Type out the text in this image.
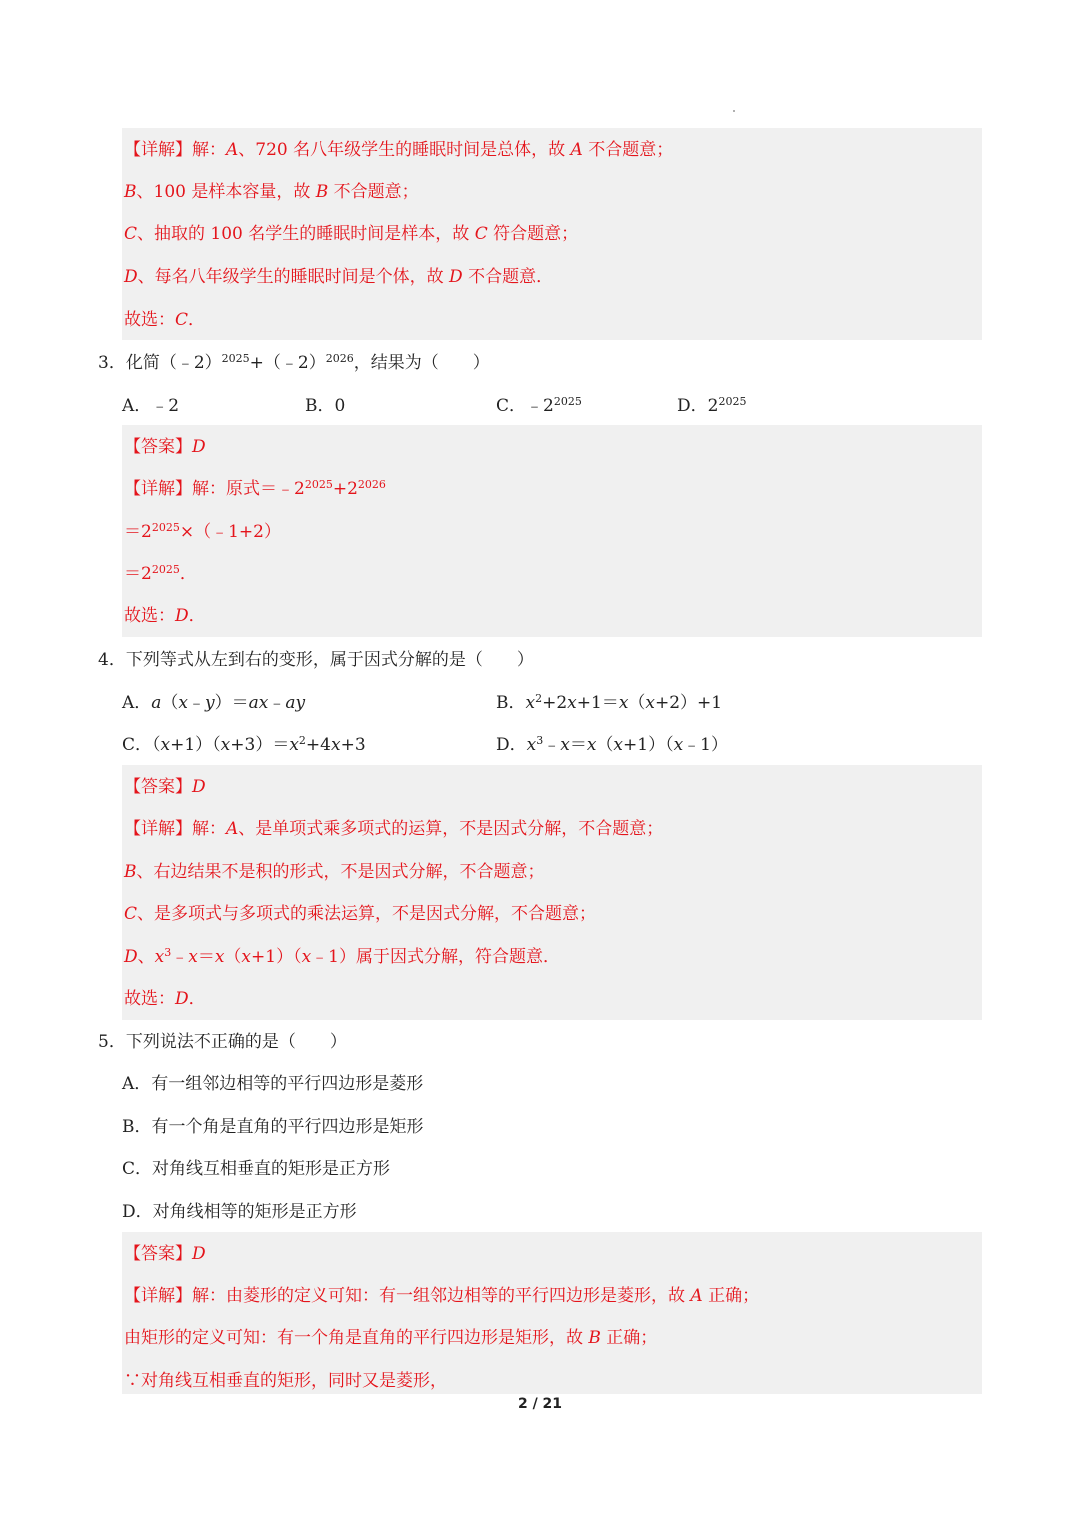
【详解】解：A、720 名八年级学生的睡眠时间是总体，故 A 不合题意；
B、100 是样本容量，故 B 不合题意；
C、抽取的 100 名学生的睡眠时间是样本，故 C 符合题意；
D、每名八年级学生的睡眠时间是个体，故 D 不合题意．
故选：C．
3．化简（﹣2）$^{2025}$+（﹣2）$^{2026}$，结果为（　　）
A．﹣2	B．0	C．$﹣2^{2025}$	D．$2^{2025}$
【答案】D
【详解】解：原式$=﹣2^{2025}+2^{2026}$
$=2^{2025}\times(﹣1+2)$
$=2^{2025}$．
故选：D．
4．下列等式从左到右的变形，属于因式分解的是（　　）
A．a（x﹣y）＝ax﹣ay	B．$x^2+2x+1=x(x+2)+1$
C．$(x+1)(x+3)=x^2+4x+3$	D．$x^3﹣x=x(x+1)(x﹣1)$
【答案】D
【详解】解：A、是单项式乘多项式的运算，不是因式分解，不合题意；
B、右边结果不是积的形式，不是因式分解，不合题意；
C、是多项式与多项式的乘法运算，不是因式分解，不合题意；
D、$x^3﹣x=x(x+1)(x﹣1)$属于因式分解，符合题意．
故选：D．
5．下列说法不正确的是（　　）
A．有一组邻边相等的平行四边形是菱形
B．有一个角是直角的平行四边形是矩形
C．对角线互相垂直的矩形是正方形
D．对角线相等的矩形是正方形
【答案】D
【详解】解：由菱形的定义可知：有一组邻边相等的平行四边形是菱形，故 A 正确；
由矩形的定义可知：有一个角是直角的平行四边形是矩形，故 B 正确；
∵对角线互相垂直的矩形，同时又是菱形，
2 / 21
